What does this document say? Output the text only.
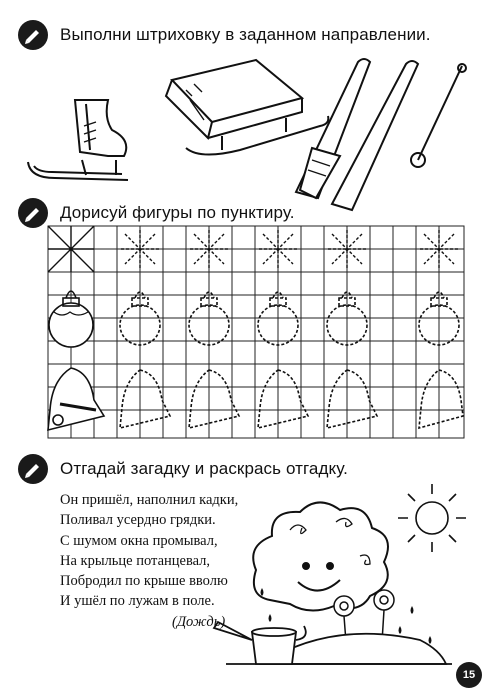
Выполни штриховку в заданном направлении.
Дорисуй фигуры по пунктиру.
Отгадай загадку и раскрась отгадку.
Он пришёл, наполнил кадки,
Поливал усердно грядки.
С шумом окна промывал,
На крыльце потанцевал,
Побродил по крыше вволю
И ушёл по лужам в поле.
(Дождь)
15
